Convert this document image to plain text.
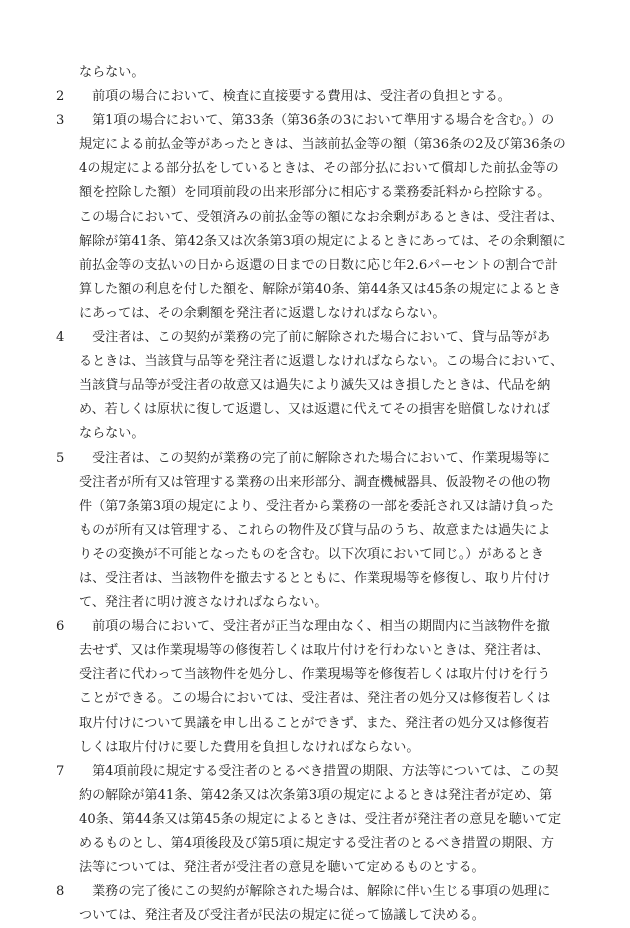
ならない。
2　前項の場合において、検査に直接要する費用は、受注者の負担とする。
3　第1項の場合において、第33条（第36条の3において準用する場合を含む。）の
規定による前払金等があったときは、当該前払金等の額（第36条の2及び第36条の
4の規定による部分払をしているときは、その部分払において償却した前払金等の
額を控除した額）を同項前段の出来形部分に相応する業務委託料から控除する。
この場合において、受領済みの前払金等の額になお余剰があるときは、受注者は、
解除が第41条、第42条又は次条第3項の規定によるときにあっては、その余剰額に
前払金等の支払いの日から返還の日までの日数に応じ年2.6パーセントの割合で計
算した額の利息を付した額を、解除が第40条、第44条又は45条の規定によるとき
にあっては、その余剰額を発注者に返還しなければならない。
4　受注者は、この契約が業務の完了前に解除された場合において、貸与品等があ
るときは、当該貸与品等を発注者に返還しなければならない。この場合において、
当該貸与品等が受注者の故意又は過失により滅失又はき損したときは、代品を納
め、若しくは原状に復して返還し、又は返還に代えてその損害を賠償しなければ
ならない。
5　受注者は、この契約が業務の完了前に解除された場合において、作業現場等に
受注者が所有又は管理する業務の出来形部分、調査機械器具、仮設物その他の物
件（第7条第3項の規定により、受注者から業務の一部を委託され又は請け負った
ものが所有又は管理する、これらの物件及び貸与品のうち、故意または過失によ
りその変換が不可能となったものを含む。以下次項において同じ。）があるとき
は、受注者は、当該物件を撤去するとともに、作業現場等を修復し、取り片付け
て、発注者に明け渡さなければならない。
6　前項の場合において、受注者が正当な理由なく、相当の期間内に当該物件を撤
去せず、又は作業現場等の修復若しくは取片付けを行わないときは、発注者は、
受注者に代わって当該物件を処分し、作業現場等を修復若しくは取片付けを行う
ことができる。この場合においては、受注者は、発注者の処分又は修復若しくは
取片付けについて異議を申し出ることができず、また、発注者の処分又は修復若
しくは取片付けに要した費用を負担しなければならない。
7　第4項前段に規定する受注者のとるべき措置の期限、方法等については、この契
約の解除が第41条、第42条又は次条第3項の規定によるときは発注者が定め、第
40条、第44条又は第45条の規定によるときは、受注者が発注者の意見を聴いて定
めるものとし、第4項後段及び第5項に規定する受注者のとるべき措置の期限、方
法等については、発注者が受注者の意見を聴いて定めるものとする。
8　業務の完了後にこの契約が解除された場合は、解除に伴い生じる事項の処理に
ついては、発注者及び受注者が民法の規定に従って協議して決める。
